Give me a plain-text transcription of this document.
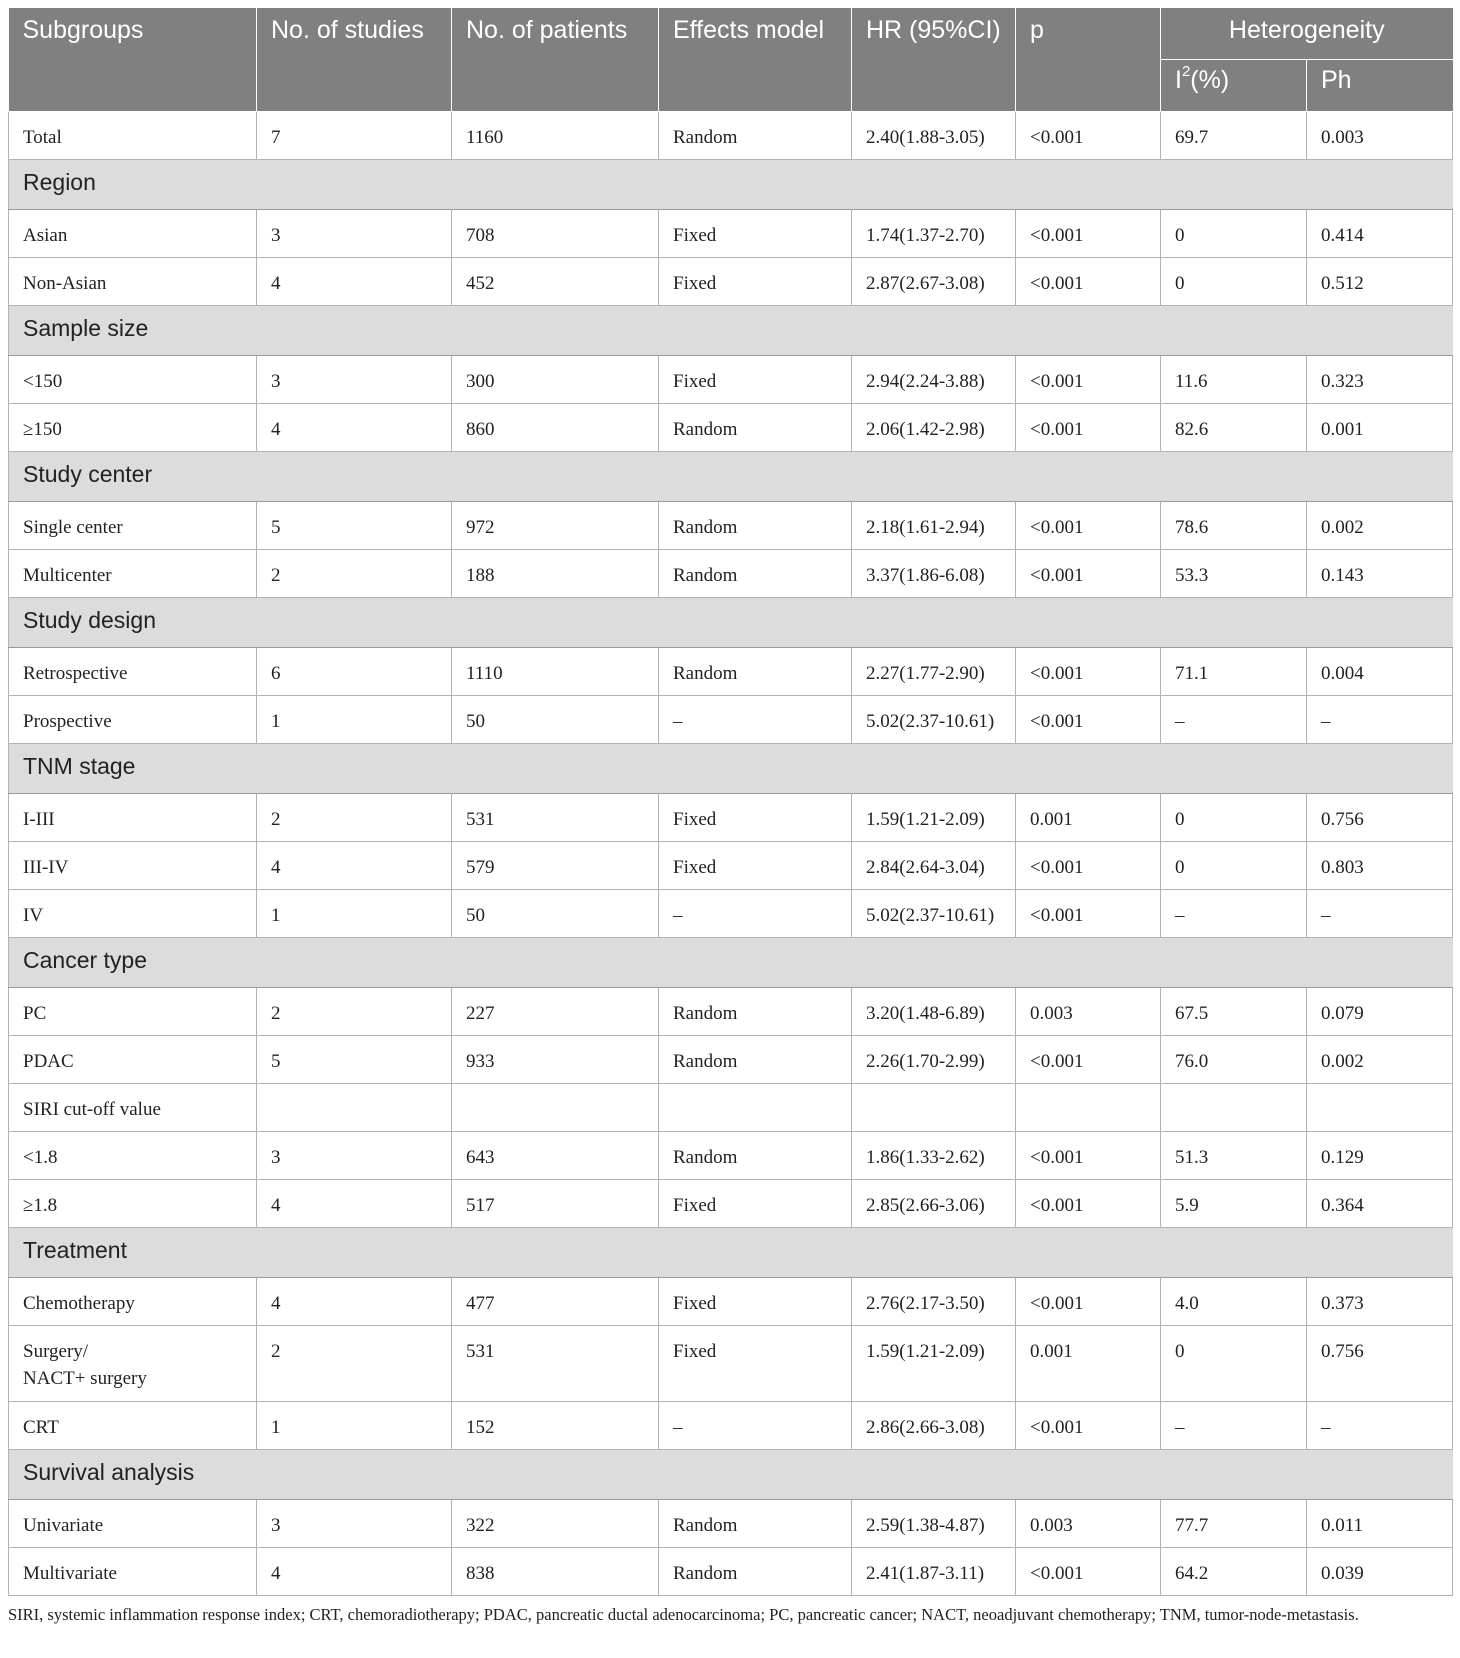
Subgroups	No. of studies	No. of patients	Effects model	HR (95%CI)	p	Heterogeneity	
						$I^2(\%)$	Ph
Total	7	1160	Random	2.40(1.88-3.05)	<0.001	69.7	0.003
Region							
Asian	3	708	Fixed	1.74(1.37-2.70)	<0.001	0	0.414
Non-Asian	4	452	Fixed	2.87(2.67-3.08)	<0.001	0	0.512
Sample size							
<150	3	300	Fixed	2.94(2.24-3.88)	<0.001	11.6	0.323
≥150	4	860	Random	2.06(1.42-2.98)	<0.001	82.6	0.001
Study center							
Single center	5	972	Random	2.18(1.61-2.94)	<0.001	78.6	0.002
Multicenter	2	188	Random	3.37(1.86-6.08)	<0.001	53.3	0.143
Study design							
Retrospective	6	1110	Random	2.27(1.77-2.90)	<0.001	71.1	0.004
Prospective	1	50	–	5.02(2.37-10.61)	<0.001	–	–
TNM stage							
I-III	2	531	Fixed	1.59(1.21-2.09)	0.001	0	0.756
III-IV	4	579	Fixed	2.84(2.64-3.04)	<0.001	0	0.803
IV	1	50	–	5.02(2.37-10.61)	<0.001	–	–
Cancer type							
PC	2	227	Random	3.20(1.48-6.89)	0.003	67.5	0.079
PDAC	5	933	Random	2.26(1.70-2.99)	<0.001	76.0	0.002
SIRI cut-off value							
<1.8	3	643	Random	1.86(1.33-2.62)	<0.001	51.3	0.129
≥1.8	4	517	Fixed	2.85(2.66-3.06)	<0.001	5.9	0.364
Treatment							
Chemotherapy	4	477	Fixed	2.76(2.17-3.50)	<0.001	4.0	0.373
Surgery/
NACT+ surgery	2	531	Fixed	1.59(1.21-2.09)	0.001	0	0.756
CRT	1	152	–	2.86(2.66-3.08)	<0.001	–	–
Survival analysis							
Univariate	3	322	Random	2.59(1.38-4.87)	0.003	77.7	0.011
Multivariate	4	838	Random	2.41(1.87-3.11)	<0.001	64.2	0.039
SIRI, systemic inflammation response index; CRT, chemoradiotherapy; PDAC, pancreatic ductal adenocarcinoma; PC, pancreatic cancer; NACT, neoadjuvant chemotherapy; TNM, tumor-node-metastasis.
